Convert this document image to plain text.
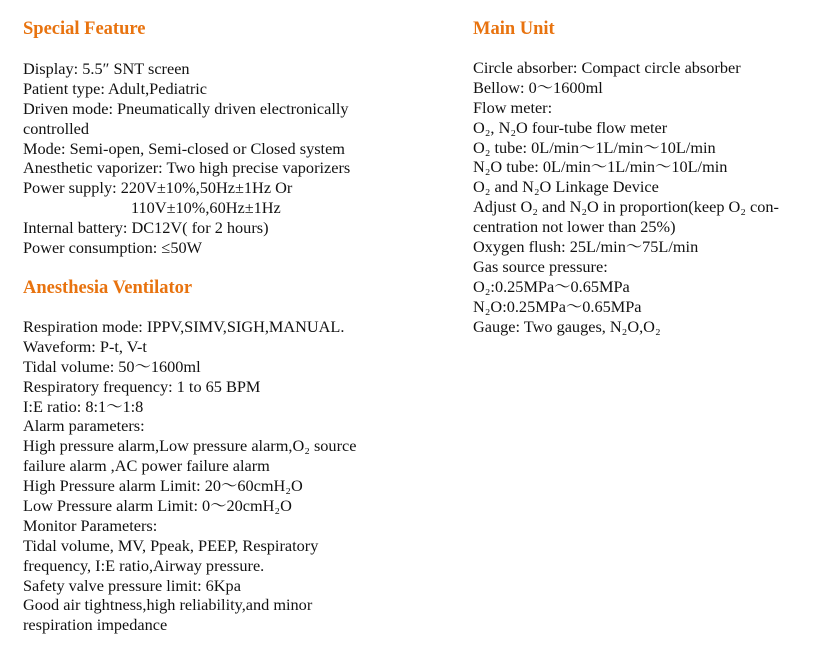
Special Feature
Display: 5.5″ SNT screen
Patient type: Adult,Pediatric
Driven mode: Pneumatically driven electronically
controlled
Mode: Semi-open, Semi-closed or Closed system
Anesthetic vaporizer: Two high precise vaporizers
Power supply: 220V±10%,50Hz±1Hz Or
110V±10%,60Hz±1Hz
Internal battery: DC12V( for 2 hours)
Power consumption: ≤50W
Anesthesia Ventilator
Respiration mode: IPPV,SIMV,SIGH,MANUAL.
Waveform: P-t, V-t
Tidal volume: 50～1600ml
Respiratory frequency: 1 to 65 BPM
I:E ratio: 8:1～1:8
Alarm parameters:
High pressure alarm,Low pressure alarm,O₂ source
failure alarm ,AC power failure alarm
High Pressure alarm Limit: 20～60cmH₂O
Low Pressure alarm Limit: 0～20cmH₂O
Monitor Parameters:
Tidal volume, MV, Ppeak, PEEP, Respiratory
frequency, I:E ratio,Airway pressure.
Safety valve pressure limit: 6Kpa
Good air tightness,high reliability,and minor
respiration impedance
Main Unit
Circle absorber: Compact circle absorber
Bellow: 0～1600ml
Flow meter:
O₂, N₂O four-tube flow meter
O₂ tube: 0L/min～1L/min～10L/min
N₂O tube: 0L/min～1L/min～10L/min
O₂ and N₂O Linkage Device
Adjust O₂ and N₂O in proportion(keep O₂ con-
centration not lower than 25%)
Oxygen flush: 25L/min～75L/min
Gas source pressure:
O₂:0.25MPa～0.65MPa
N₂O:0.25MPa～0.65MPa
Gauge: Two gauges, N₂O,O₂
